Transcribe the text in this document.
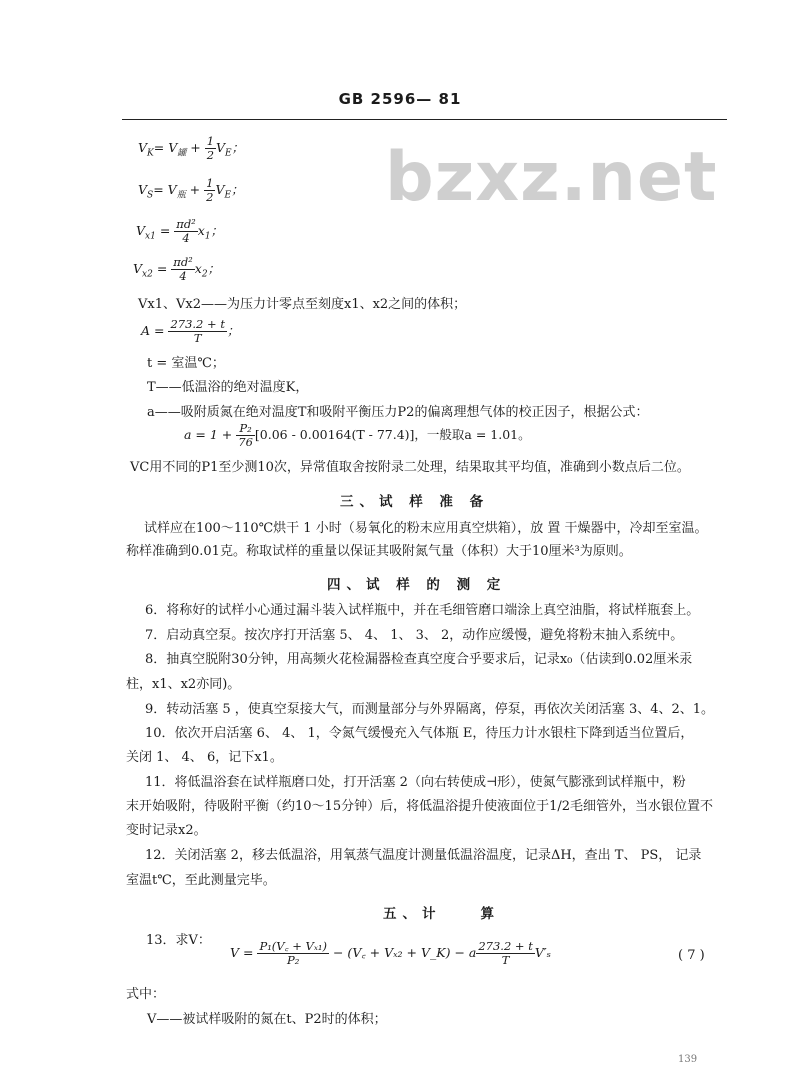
GB 2596— 81
bzxz.net
$V_K= V_罐 + \frac{1}{2} V_E$；
$V_S= V_瓶 + \frac{1}{2} V_E$；
$V_{x1} = \frac{\text{πd²}}{4} x_1$；
$V_{x2} = \frac{\text{πd²}}{4} x_2$；
Vx1、Vx2——为压力计零点至刻度x1、x2之间的体积；
$A = \frac{273.2 + t}{T}$ ；
t = 室温℃；
T——低温浴的绝对温度K，
a——吸附质氮在绝对温度T和吸附平衡压力P2的偏离理想气体的校正因子，根据公式：
$a = 1 + \frac{\text{P₂}}{76} [0.06 - 0.00164(T - 77.4)]$，一般取a = 1.01。
VC用不同的P1至少测10次，异常值取舍按附录二处理，结果取其平均值，准确到小数点后二位。
三、试 样 准 备
试样应在100～110℃烘干 1 小时（易氧化的粉末应用真空烘箱），放 置 干燥器中，冷却至室温。
称样准确到0.01克。称取试样的重量以保证其吸附氮气量（体积）大于10厘米³为原则。
四、试 样 的 测 定
6．将称好的试样小心通过漏斗装入试样瓶中，并在毛细管磨口端涂上真空油脂，将试样瓶套上。
7．启动真空泵。按次序打开活塞 5、 4、 1、 3、 2，动作应缓慢，避免将粉末抽入系统中。
8．抽真空脱附30分钟，用高频火花检漏器检查真空度合乎要求后，记录x₀（估读到0.02厘米汞
柱，x1、x2亦同)。
9．转动活塞 5 ，使真空泵接大气，而测量部分与外界隔离，停泵，再依次关闭活塞 3、4、2、1。
10．依次开启活塞 6、 4、 1，令氮气缓慢充入气体瓶 E，待压力计水银柱下降到适当位置后，
关闭 1、 4、 6，记下x1。
11．将低温浴套在试样瓶磨口处，打开活塞 2（向右转使成⊣形），使氮气膨涨到试样瓶中，粉
末开始吸附，待吸附平衡（约10～15分钟）后，将低温浴提升使液面位于1/2毛细管外，当水银位置不
变时记录x2。
12．关闭活塞 2，移去低温浴，用氧蒸气温度计测量低温浴温度，记录ΔH，查出 T、 PS， 记录
室温t℃，至此测量完毕。
五、计　　算
13．求V：
$V = \frac{\text{P₁(V꜀ + Vₓ₁)}}{\text{P₂}}$ − (V꜀ + Vₓ₂ + V_K) − a $\frac{273.2 + t}{T} V'_s$	( 7 )
式中：
V——被试样吸附的氮在t、P2时的体积；
139
